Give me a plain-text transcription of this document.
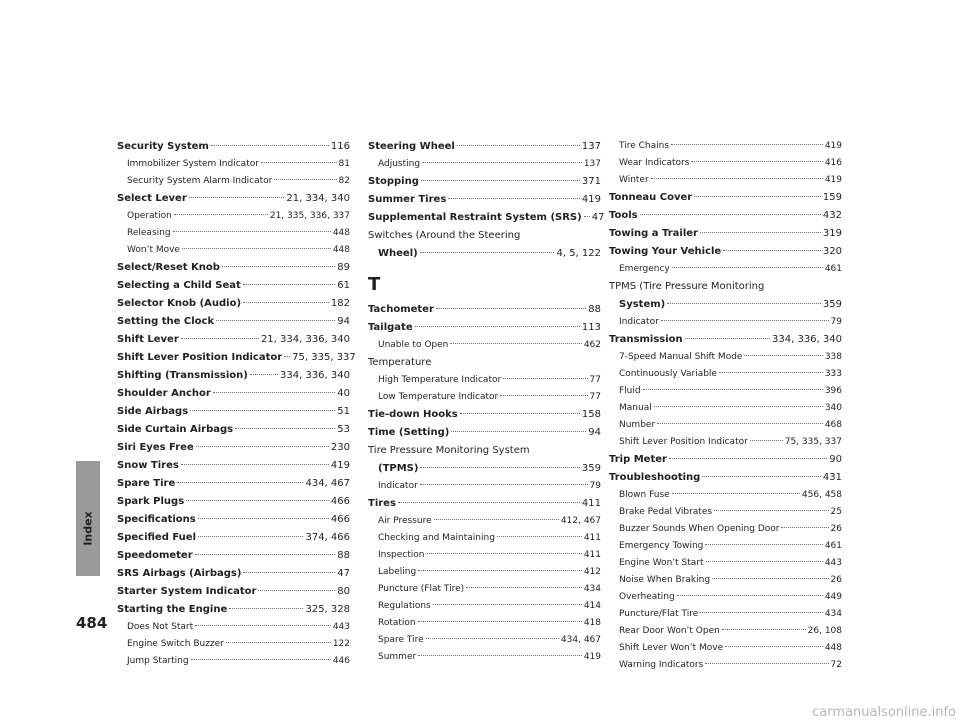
Index
Security System	116
Immobilizer System Indicator	81
Security System Alarm Indicator	82
Select Lever	21, 334, 340
Operation	21, 335, 336, 337
Releasing	448
Won’t Move	448
Select/Reset Knob	89
Selecting a Child Seat	61
Selector Knob (Audio)	182
Setting the Clock	94
Shift Lever	21, 334, 336, 340
Shift Lever Position Indicator 75, 335, 337
Shifting (Transmission)	334, 336, 340
Shoulder Anchor	40
Side Airbags	51
Side Curtain Airbags	53
Siri Eyes Free	230
Snow Tires	419
Spare Tire	434, 467
Spark Plugs	466
Specifications	466
Specified Fuel	374, 466
Speedometer	88
SRS Airbags (Airbags)	47
Starter System Indicator	80
Starting the Engine	325, 328
Does Not Start	443
Engine Switch Buzzer	122
Jump Starting	446
Steering Wheel	137
Adjusting	137
Stopping	371
Summer Tires	419
Supplemental Restraint System (SRS) 47
Switches (Around the Steering
Wheel)	4, 5, 122
T
Tachometer	88
Tailgate	113
Unable to Open	462
Temperature
High Temperature Indicator	77
Low Temperature Indicator	77
Tie-down Hooks	158
Time (Setting)	94
Tire Pressure Monitoring System
(TPMS)	359
Indicator	79
Tires	411
Air Pressure	412, 467
Checking and Maintaining	411
Inspection	411
Labeling	412
Puncture (Flat Tire)	434
Regulations	414
Rotation	418
Spare Tire	434, 467
Summer	419
Tire Chains	419
Wear Indicators	416
Winter	419
Tonneau Cover	159
Tools	432
Towing a Trailer	319
Towing Your Vehicle	320
Emergency	461
TPMS (Tire Pressure Monitoring
System)	359
Indicator	79
Transmission	334, 336, 340
7-Speed Manual Shift Mode	338
Continuously Variable	333
Fluid	396
Manual	340
Number	468
Shift Lever Position Indicator	75, 335, 337
Trip Meter	90
Troubleshooting	431
Blown Fuse	456, 458
Brake Pedal Vibrates	25
Buzzer Sounds When Opening Door	26
Emergency Towing	461
Engine Won’t Start	443
Noise When Braking	26
Overheating	449
Puncture/Flat Tire	434
Rear Door Won’t Open	26, 108
Shift Lever Won’t Move	448
Warning Indicators	72
484
carmanualsonline.info
